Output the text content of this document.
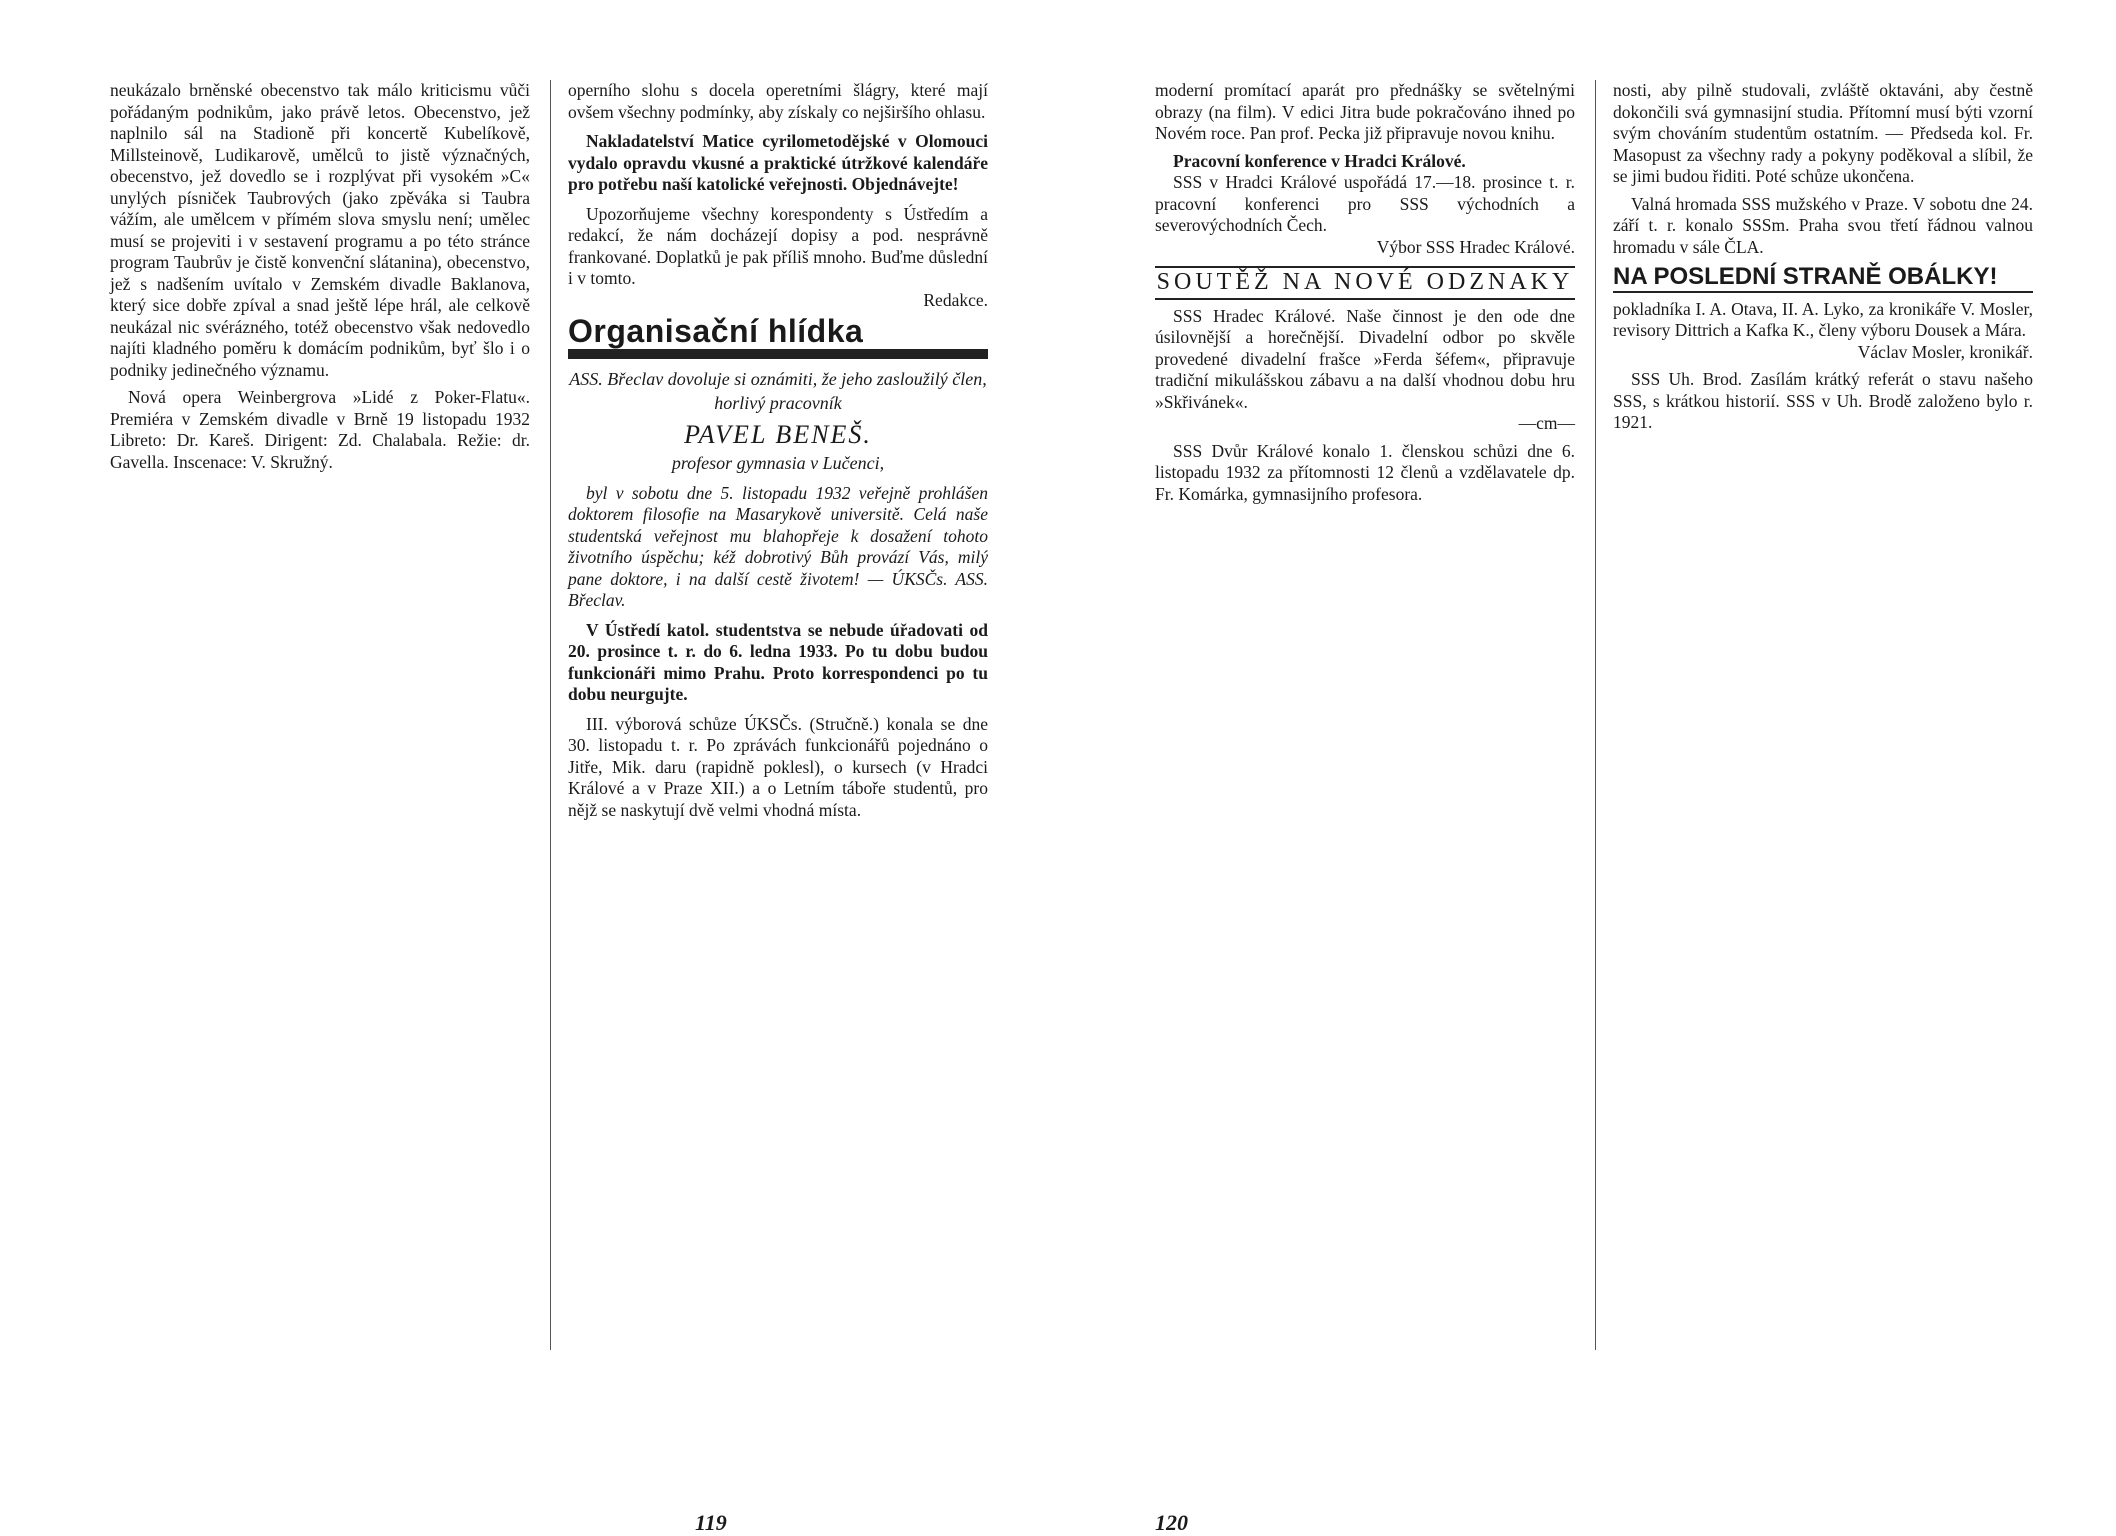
neukázalo brněnské obecenstvo tak málo kriticismu vůči pořádaným podnikům, jako právě letos. Obecenstvo, jež naplnilo sál na Stadioně při koncertě Kubelíkově, Millsteinově, Ludikarově, umělců to jistě význačných, obecenstvo, jež dovedlo se i rozplývat při vysokém »C« unylých písniček Taubrových (jako zpěváka si Taubra vážím, ale umělcem v přímém slova smyslu není; umělec musí se projeviti i v sestavení programu a po této stránce program Taubrův je čistě konvenční slátanina), obecenstvo, jež s nadšením uvítalo v Zemském divadle Baklanova, který sice dobře zpíval a snad ještě lépe hrál, ale celkově neukázal nic svérázného, totéž obecenstvo však nedovedlo najíti kladného poměru k domácím podnikům, byť šlo i o podniky jedinečného významu.

Nová opera Weinbergrova »Lidé z Poker-Flatu«. Premiéra v Zemském divadle v Brně 19 listopadu 1932 Libreto: Dr. Kareš. Dirigent: Zd. Chalabala. Režie: dr. Gavella. Inscenace: V. Skružný.

operního slohu s docela operetními šlágry, které mají ovšem všechny podmínky, aby získaly co nejširšího ohlasu.

Nakladatelství Matice cyrilometodějské v Olomouci vydalo opravdu vkusné a praktické útržkové kalendáře pro potřebu naší katolické veřejnosti. Objednávejte!

Upozorňujeme všechny korespondenty s Ústředím a redakcí, že nám docházejí dopisy a pod. nesprávně frankované. Doplatků je pak příliš mnoho. Buďme důslední i v tomto.

Redakce.

Organisační hlídka
ASS. Břeclav dovoluje si oznámiti, že jeho zasloužilý člen, horlivý pracovník
PAVEL BENEŠ.
profesor gymnasia v Lučenci,

byl v sobotu dne 5. listopadu 1932 veřejně prohlášen doktorem filosofie na Masarykově universitě. Celá naše studentská veřejnost mu blahopřeje k dosažení tohoto životního úspěchu; kéž dobrotivý Bůh provází Vás, milý pane doktore, i na další cestě životem! — ÚKSČs. ASS. Břeclav.

V Ústředí katol. studentstva se nebude úřadovati od 20. prosince t. r. do 6. ledna 1933. Po tu dobu budou funkcionáři mimo Prahu. Proto korrespondenci po tu dobu neurgujte.

III. výborová schůze ÚKSČs. (Stručně.) konala se dne 30. listopadu t. r. Po zprávách funkcionářů pojednáno o Jitře, Mik. daru (rapidně poklesl), o kursech (v Hradci Králové a v Praze XII.) a o Letním táboře studentů, pro nějž se naskytují dvě velmi vhodná místa.

119

moderní promítací aparát pro přednášky se světelnými obrazy (na film). V edici Jitra bude pokračováno ihned po Novém roce. Pan prof. Pecka již připravuje novou knihu.

Pracovní konference v Hradci Králové.

SSS v Hradci Králové uspořádá 17.—18. prosince t. r. pracovní konferenci pro SSS východních a severovýchodních Čech.

Výbor SSS Hradec Králové.

SOUTĚŽ NA NOVÉ ODZNAKY

SSS Hradec Králové. Naše činnost je den ode dne úsilovnější a horečnější. Divadelní odbor po skvěle provedené divadelní frašce »Ferda šéfem«, připravuje tradiční mikulášskou zábavu a na další vhodnou dobu hru »Skřivánek«.

—cm—

SSS Dvůr Králové konalo 1. členskou schůzi dne 6. listopadu 1932 za přítomnosti 12 členů a vzdělavatele dp. Fr. Komárka, gymnasijního profesora.

nosti, aby pilně studovali, zvláště oktaváni, aby čestně dokončili svá gymnasijní studia. Přítomní musí býti vzorní svým chováním studentům ostatním. — Předseda kol. Fr. Masopust za všechny rady a pokyny poděkoval a slíbil, že se jimi budou řiditi. Poté schůze ukončena.

Valná hromada SSS mužského v Praze. V sobotu dne 24. září t. r. konalo SSSm. Praha svou třetí řádnou valnou hromadu v sále ČLA.

NA POSLEDNÍ STRANĚ OBÁLKY!

pokladníka I. A. Otava, II. A. Lyko, za kronikáře V. Mosler, revisory Dittrich a Kafka K., členy výboru Dousek a Mára.

Václav Mosler, kronikář.

SSS Uh. Brod. Zasílám krátký referát o stavu našeho SSS, s krátkou historií. SSS v Uh. Brodě založeno bylo r. 1921.

120
